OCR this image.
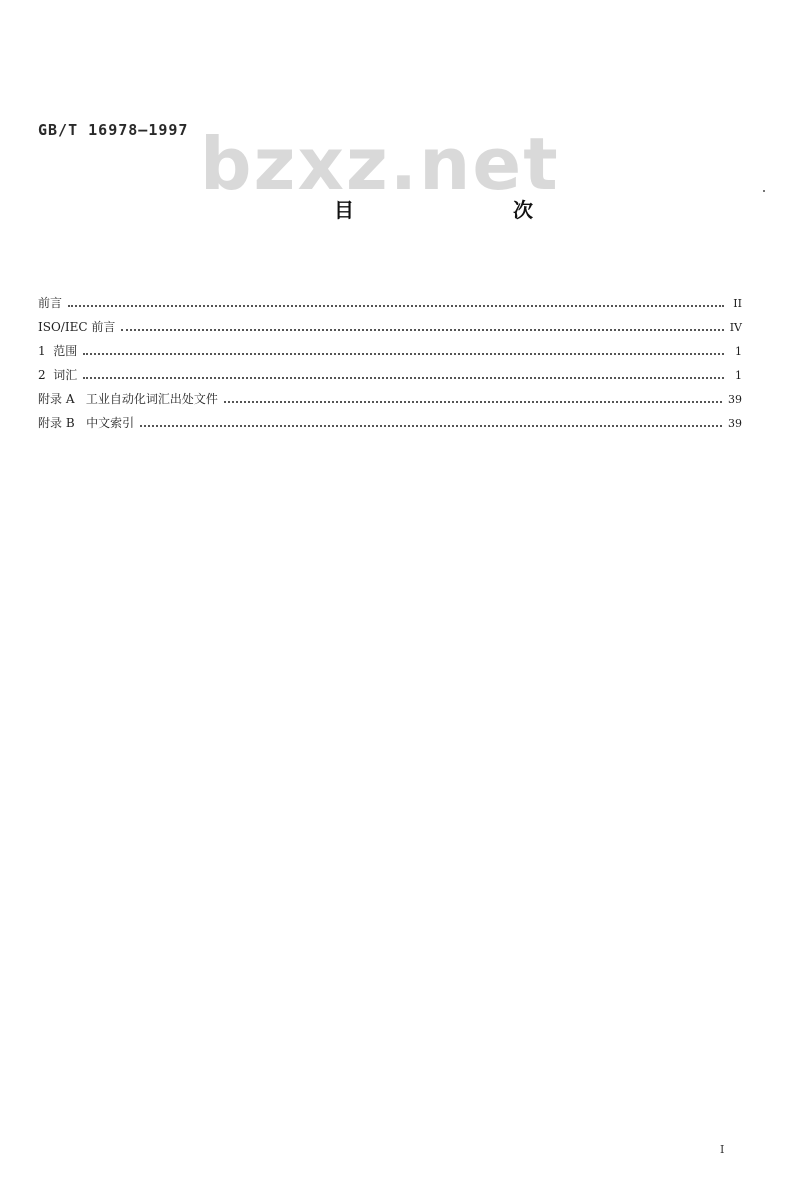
GB/T 16978—1997 bzxz.net
目 次
前言	II
ISO/IEC 前言	IV
1  范围	1
2  词汇	1
附录 A   工业自动化词汇出处文件	39
附录 B   中文索引	39
I
